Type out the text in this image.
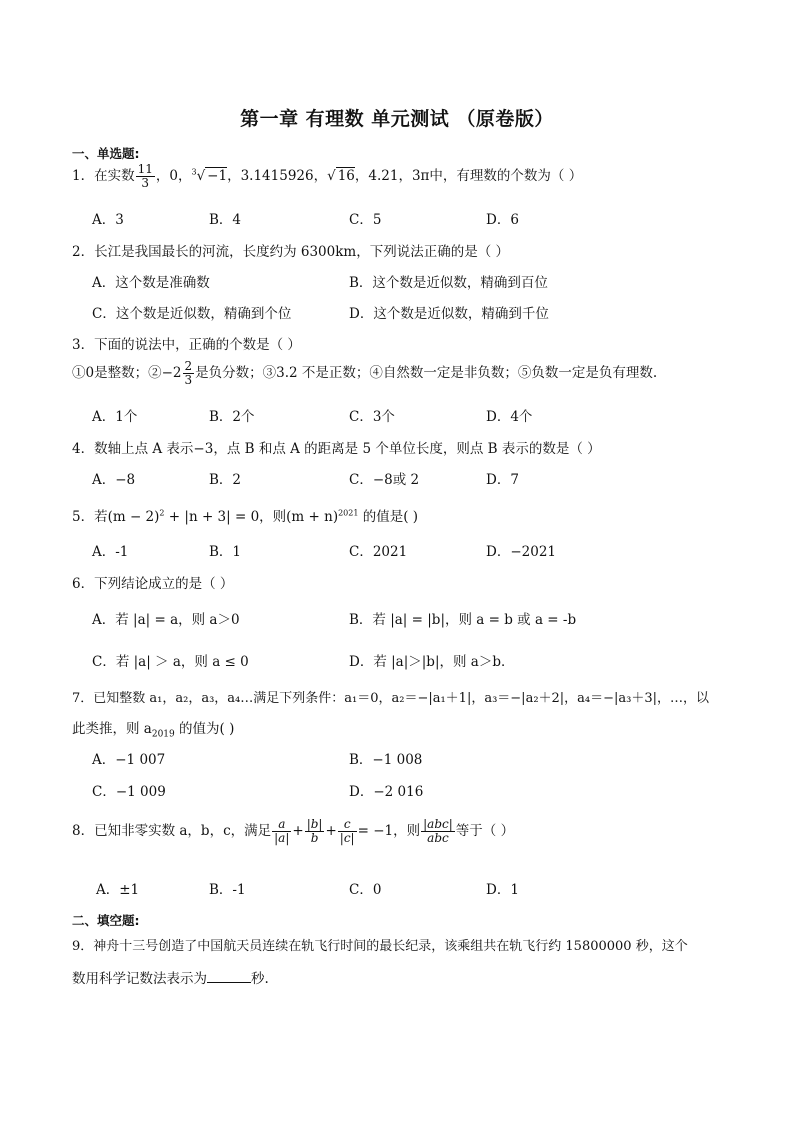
第一章 有理数 单元测试 （原卷版）
一、单选题:
1．在实数 $\frac{11}{3}$ ，0，$^3$√ −1，3.1415926，√ 16，4.21，3π中，有理数的个数为（ ）
A．3	B．4	C．5	D．6
2．长江是我国最长的河流，长度约为 6300km，下列说法正确的是（ ）
A．这个数是准确数	B．这个数是近似数，精确到百位
C．这个数是近似数，精确到个位	D．这个数是近似数，精确到千位
3．下面的说法中，正确的个数是（ ）
①0是整数；②−2 $\frac{2}{3}$ 是负分数；③3.2 不是正数；④自然数一定是非负数；⑤负数一定是负有理数.
A．1个	B．2个	C．3个	D．4个
4．数轴上点 A 表示−3，点 B 和点 A 的距离是 5 个单位长度，则点 B 表示的数是（ ）
A．−8	B．2	C．−8或 2	D．7
5．若$(m - 2)^2 + |n + 3| = 0$，则$(m + n)^{2021}$ 的值是( )
A．-1	B．1	C．2021	D．−2021
6．下列结论成立的是（ ）
A．若 |a| = a，则 a＞0	B．若 |a| = |b|，则 a = b 或 a = -b
C．若 |a| ＞ a，则 a ≤ 0	D．若 |a|＞|b|，则 a＞b．
7．已知整数 a₁，a₂，a₃，a₄…满足下列条件：a₁＝0，a₂＝−|a₁＋1|，a₃＝−|a₂＋2|，a₄＝−|a₃＋3|，…，以
此类推，则 $a_{2019}$ 的值为( )
A．−1 007	B．−1 008
C．−1 009	D．−2 016
8．已知非零实数 a，b，c，满足 $\frac{a}{|a|} + \frac{|b|}{b} + \frac{c}{|c|} = -1$，则 $\frac{\text{|abc|}}{\text{abc}}$ 等于（ ）
A．±1	B．-1	C．0	D．1
二、填空题:
9．神舟十三号创造了中国航天员连续在轨飞行时间的最长纪录，该乘组共在轨飞行约 15800000 秒，这个
数用科学记数法表示为	秒.
